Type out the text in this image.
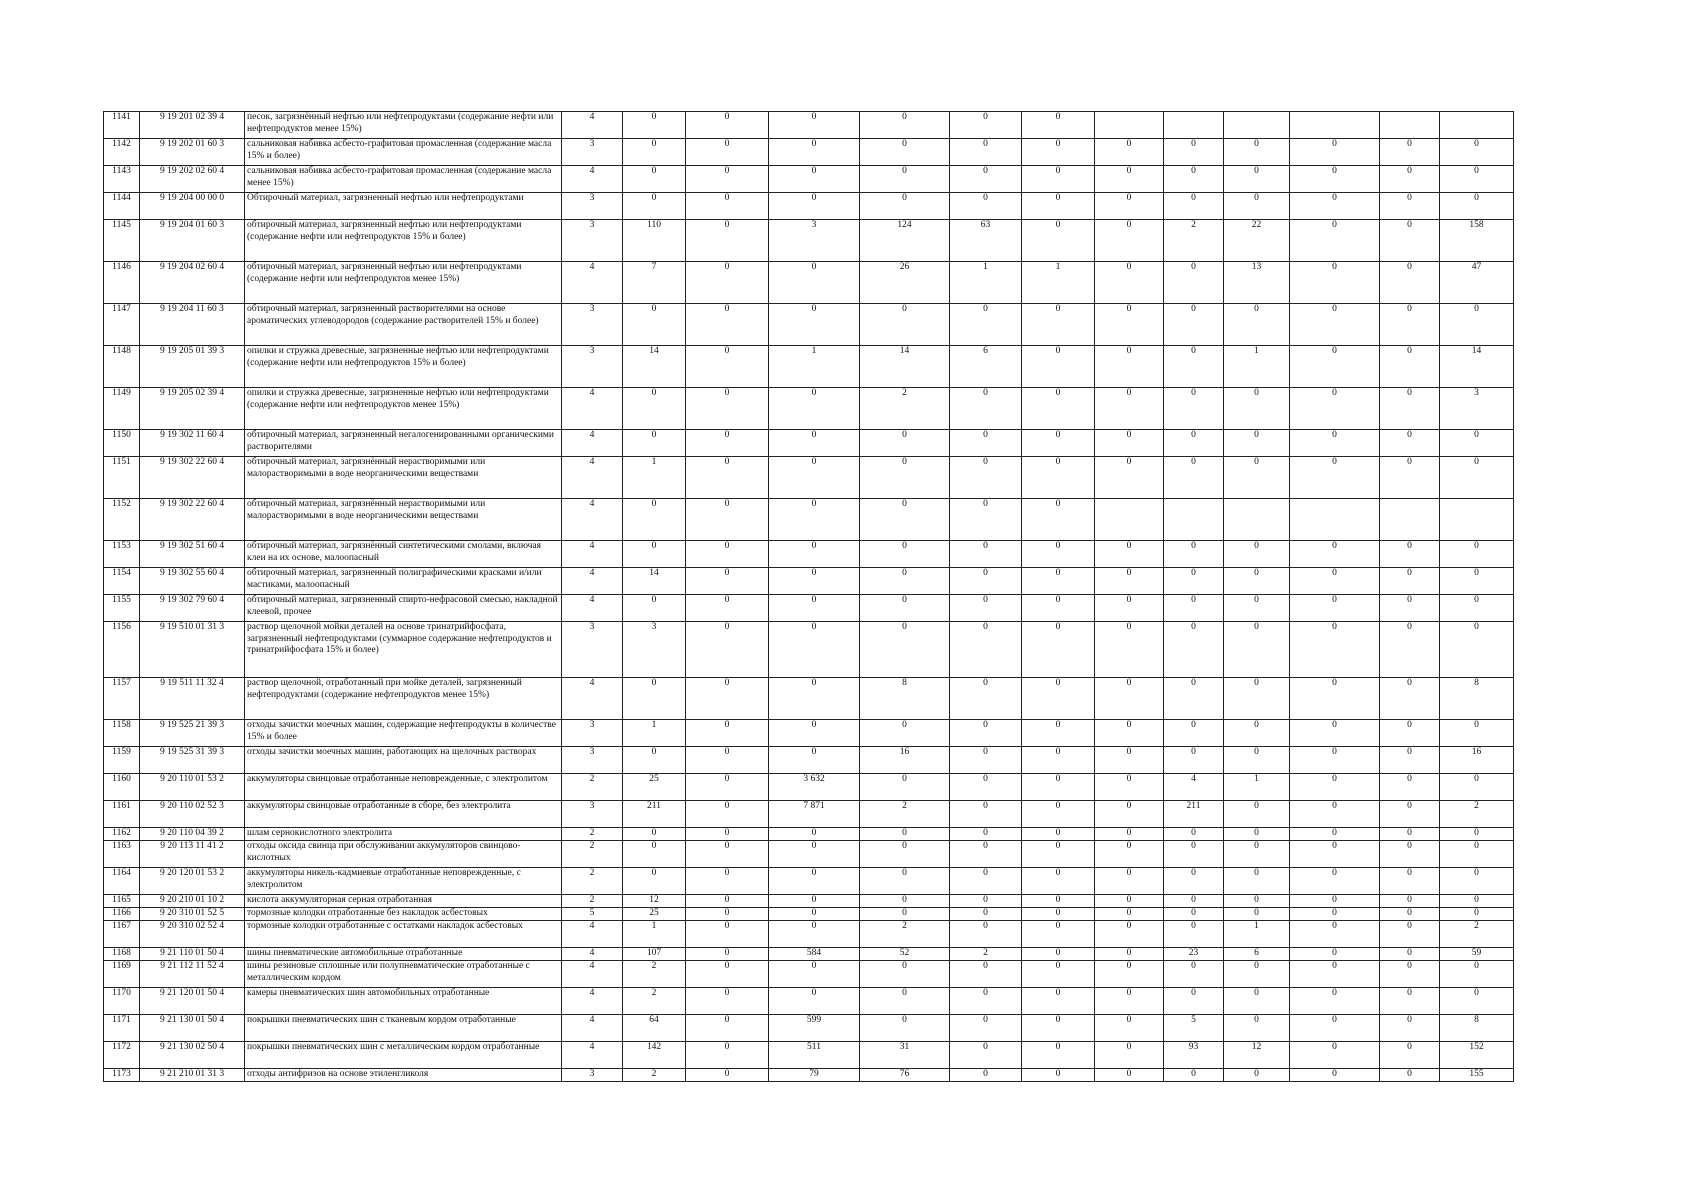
1141	9 19 201 02 39 4	песок, загрязнённый нефтью или нефтепродуктами (содержание нефти или нефтепродуктов менее 15%)	4	0	0	0	0	0	0						
1142	9 19 202 01 60 3	сальниковая набивка асбесто-графитовая промасленная (содержание масла 15% и более)	3	0	0	0	0	0	0	0	0	0	0	0	0
1143	9 19 202 02 60 4	сальниковая набивка асбесто-графитовая промасленная (содержание масла менее 15%)	4	0	0	0	0	0	0	0	0	0	0	0	0
1144	9 19 204 00 00 0	Обтирочный материал, загрязненный нефтью или нефтепродуктами	3	0	0	0	0	0	0	0	0	0	0	0	0
1145	9 19 204 01 60 3	обтирочный материал, загрязненный нефтью или нефтепродуктами (содержание нефти или нефтепродуктов 15% и более)	3	110	0	3	124	63	0	0	2	22	0	0	158
1146	9 19 204 02 60 4	обтирочный материал, загрязненный нефтью или нефтепродуктами (содержание нефти или нефтепродуктов менее 15%)	4	7	0	0	26	1	1	0	0	13	0	0	47
1147	9 19 204 11 60 3	обтирочный материал, загрязненный растворителями на основе ароматических углеводородов (содержание растворителей 15% и более)	3	0	0	0	0	0	0	0	0	0	0	0	0
1148	9 19 205 01 39 3	опилки и стружка древесные, загрязненные нефтью или нефтепродуктами (содержание нефти или нефтепродуктов 15% и более)	3	14	0	1	14	6	0	0	0	1	0	0	14
1149	9 19 205 02 39 4	опилки и стружка древесные, загрязненные нефтью или нефтепродуктами (содержание нефти или нефтепродуктов менее 15%)	4	0	0	0	2	0	0	0	0	0	0	0	3
1150	9 19 302 11 60 4	обтирочный материал, загрязненный негалогенированными органическими растворителями	4	0	0	0	0	0	0	0	0	0	0	0	0
1151	9 19 302 22 60 4	обтирочный материал, загрязнённый нерастворимыми или малорастворимыми в воде неорганическими веществами	4	1	0	0	0	0	0	0	0	0	0	0	0
1152	9 19 302 22 60 4	обтирочный материал, загрязнённый нерастворимыми или малорастворимыми в воде неорганическими веществами	4	0	0	0	0	0	0						
1153	9 19 302 51 60 4	обтирочный материал, загрязнённый синтетическими смолами, включая клеи на их основе, малоопасный	4	0	0	0	0	0	0	0	0	0	0	0	0
1154	9 19 302 55 60 4	обтирочный материал, загрязненный полиграфическими красками и/или мастиками, малоопасный	4	14	0	0	0	0	0	0	0	0	0	0	0
1155	9 19 302 79 60 4	обтирочный материал, загрязненный спирто-нефрасовой смесью, накладной клеевой, прочее	4	0	0	0	0	0	0	0	0	0	0	0	0
1156	9 19 510 01 31 3	раствор щелочной мойки деталей на основе тринатрийфосфата, загрязненный нефтепродуктами (суммарное содержание нефтепродуктов и тринатрийфосфата 15% и более)	3	3	0	0	0	0	0	0	0	0	0	0	0
1157	9 19 511 11 32 4	раствор щелочной, отработанный при мойке деталей, загрязненный нефтепродуктами (содержание нефтепродуктов менее 15%)	4	0	0	0	8	0	0	0	0	0	0	0	8
1158	9 19 525 21 39 3	отходы зачистки моечных машин, содержащие нефтепродукты в количестве 15% и более	3	1	0	0	0	0	0	0	0	0	0	0	0
1159	9 19 525 31 39 3	отходы зачистки моечных машин, работающих на щелочных растворах	3	0	0	0	16	0	0	0	0	0	0	0	16
1160	9 20 110 01 53 2	аккумуляторы свинцовые отработанные неповрежденные, с электролитом	2	25	0	3 632	0	0	0	0	4	1	0	0	0
1161	9 20 110 02 52 3	аккумуляторы свинцовые отработанные в сборе, без электролита	3	211	0	7 871	2	0	0	0	211	0	0	0	2
1162	9 20 110 04 39 2	шлам сернокислотного электролита	2	0	0	0	0	0	0	0	0	0	0	0	0
1163	9 20 113 11 41 2	отходы оксида свинца при обслуживании аккумуляторов свинцово-кислотных	2	0	0	0	0	0	0	0	0	0	0	0	0
1164	9 20 120 01 53 2	аккумуляторы никель-кадмиевые отработанные неповрежденные, с электролитом	2	0	0	0	0	0	0	0	0	0	0	0	0
1165	9 20 210 01 10 2	кислота аккумуляторная серная отработанная	2	12	0	0	0	0	0	0	0	0	0	0	0
1166	9 20 310 01 52 5	тормозные колодки отработанные без накладок асбестовых	5	25	0	0	0	0	0	0	0	0	0	0	0
1167	9 20 310 02 52 4	тормозные колодки отработанные с остатками накладок асбестовых	4	1	0	0	2	0	0	0	0	1	0	0	2
1168	9 21 110 01 50 4	шины пневматические автомобильные отработанные	4	107	0	584	52	2	0	0	23	6	0	0	59
1169	9 21 112 11 52 4	шины резиновые сплошные или полупневматические отработанные с металлическим кордом	4	2	0	0	0	0	0	0	0	0	0	0	0
1170	9 21 120 01 50 4	камеры пневматических шин автомобильных отработанные	4	2	0	0	0	0	0	0	0	0	0	0	0
1171	9 21 130 01 50 4	покрышки пневматических шин с тканевым кордом отработанные	4	64	0	599	0	0	0	0	5	0	0	0	8
1172	9 21 130 02 50 4	покрышки пневматических шин с металлическим кордом отработанные	4	142	0	511	31	0	0	0	93	12	0	0	152
1173	9 21 210 01 31 3	отходы антифризов на основе этиленгликоля	3	2	0	79	76	0	0	0	0	0	0	0	155
